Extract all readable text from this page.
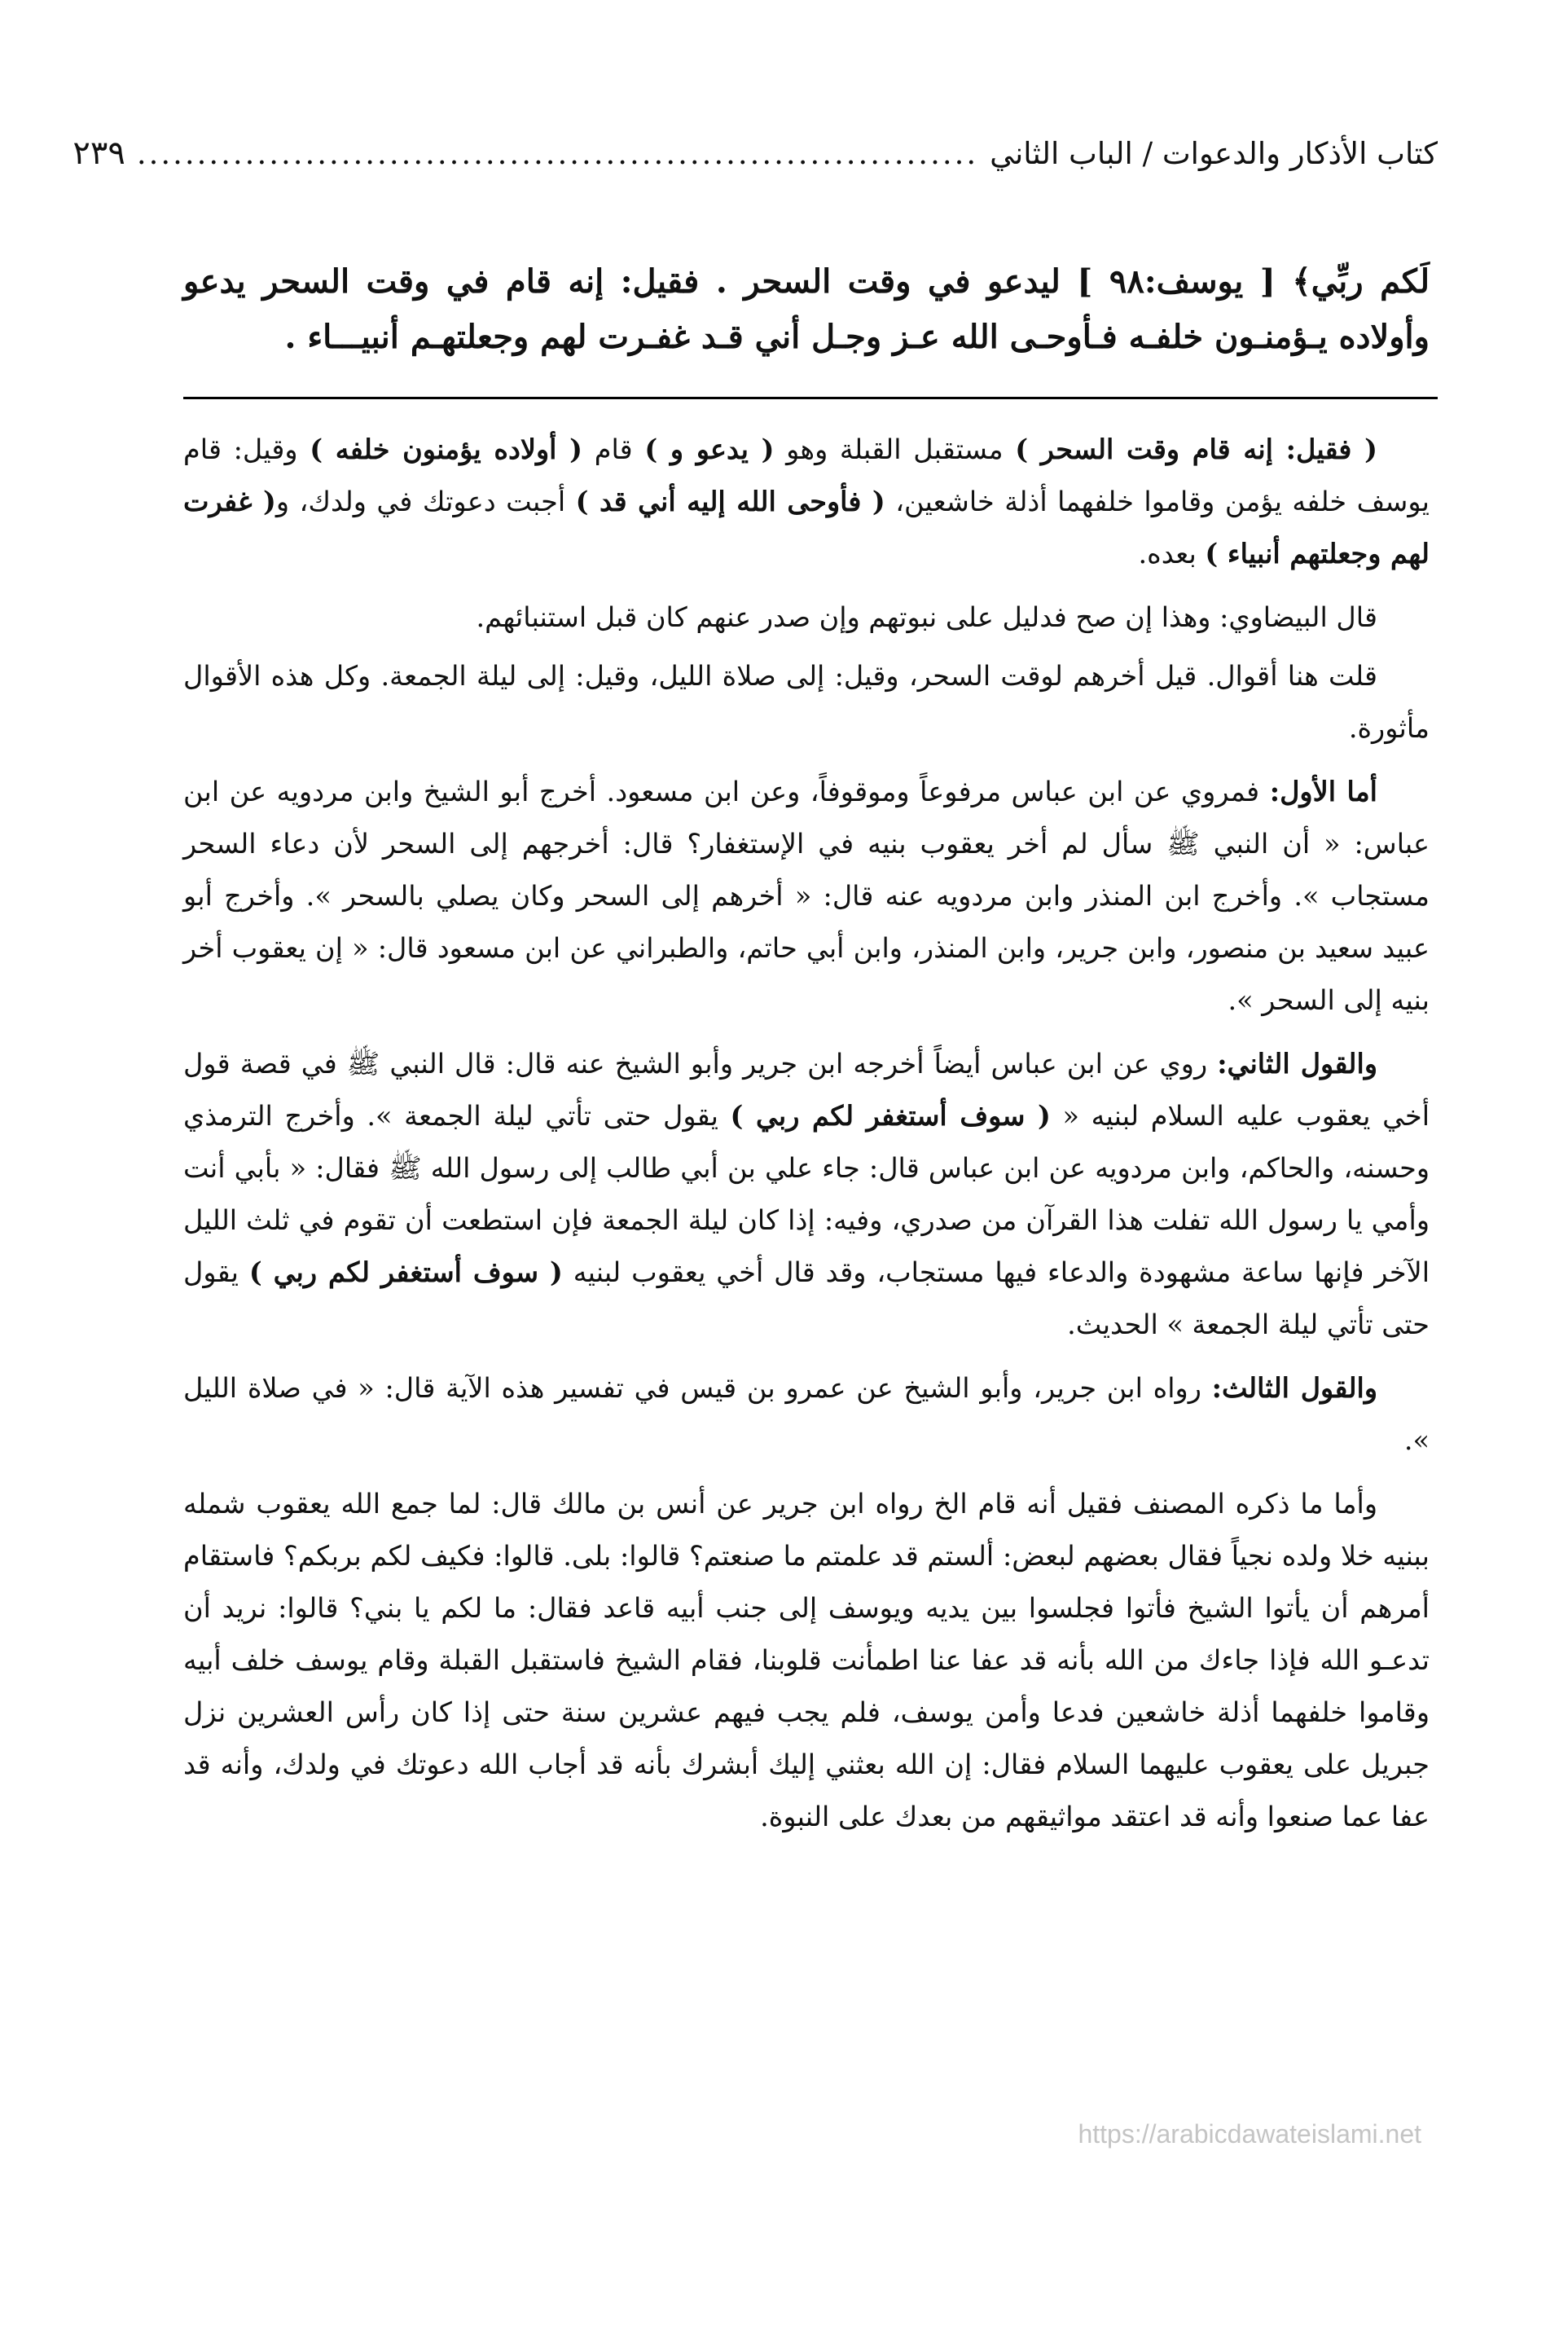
كتاب الأذكار والدعوات / الباب الثاني
......................................................................
٢٣٩
لَكم ربِّي﴾ [ يوسف:٩٨ ] ليدعو في وقت السحر . فقيل: إنه قام في وقت السحر يدعو وأولاده يـؤمنـون خلفـه فـأوحـى الله عـز وجـل أني قـد غفـرت لهم وجعلتهـم أنبيـــاء .

( فقيل: إنه قام وقت السحر ) مستقبل القبلة وهو ( يدعو و ) قام ( أولاده يؤمنون خلفه ) وقيل: قام يوسف خلفه يؤمن وقاموا خلفهما أذلة خاشعين، ( فأوحى الله إليه أني قد ) أجبت دعوتك في ولدك، و( غفرت لهم وجعلتهم أنبياء ) بعده.

قال البيضاوي: وهذا إن صح فدليل على نبوتهم وإن صدر عنهم كان قبل استنبائهم.

قلت هنا أقوال. قيل أخرهم لوقت السحر، وقيل: إلى صلاة الليل، وقيل: إلى ليلة الجمعة. وكل هذه الأقوال مأثورة.

أما الأول: فمروي عن ابن عباس مرفوعاً وموقوفاً، وعن ابن مسعود. أخرج أبو الشيخ وابن مردويه عن ابن عباس: « أن النبي ﷺ سأل لم أخر يعقوب بنيه في الإستغفار؟ قال: أخرجهم إلى السحر لأن دعاء السحر مستجاب ». وأخرج ابن المنذر وابن مردويه عنه قال: « أخرهم إلى السحر وكان يصلي بالسحر ». وأخرج أبو عبيد سعيد بن منصور، وابن جرير، وابن المنذر، وابن أبي حاتم، والطبراني عن ابن مسعود قال: « إن يعقوب أخر بنيه إلى السحر ».

والقول الثاني: روي عن ابن عباس أيضاً أخرجه ابن جرير وأبو الشيخ عنه قال: قال النبي ﷺ في قصة قول أخي يعقوب عليه السلام لبنيه « ( سوف أستغفر لكم ربي ) يقول حتى تأتي ليلة الجمعة ». وأخرج الترمذي وحسنه، والحاكم، وابن مردويه عن ابن عباس قال: جاء علي بن أبي طالب إلى رسول الله ﷺ فقال: « بأبي أنت وأمي يا رسول الله تفلت هذا القرآن من صدري، وفيه: إذا كان ليلة الجمعة فإن استطعت أن تقوم في ثلث الليل الآخر فإنها ساعة مشهودة والدعاء فيها مستجاب، وقد قال أخي يعقوب لبنيه ( سوف أستغفر لكم ربي ) يقول حتى تأتي ليلة الجمعة » الحديث.

والقول الثالث: رواه ابن جرير، وأبو الشيخ عن عمرو بن قيس في تفسير هذه الآية قال: « في صلاة الليل ».

وأما ما ذكره المصنف فقيل أنه قام الخ رواه ابن جرير عن أنس بن مالك قال: لما جمع الله يعقوب شمله ببنيه خلا ولده نجياً فقال بعضهم لبعض: ألستم قد علمتم ما صنعتم؟ قالوا: بلى. قالوا: فكيف لكم بربكم؟ فاستقام أمرهم أن يأتوا الشيخ فأتوا فجلسوا بين يديه ويوسف إلى جنب أبيه قاعد فقال: ما لكم يا بني؟ قالوا: نريد أن تدعـو الله فإذا جاءك من الله بأنه قد عفا عنا اطمأنت قلوبنا، فقام الشيخ فاستقبل القبلة وقام يوسف خلف أبيه وقاموا خلفهما أذلة خاشعين فدعا وأمن يوسف، فلم يجب فيهم عشرين سنة حتى إذا كان رأس العشرين نزل جبريل على يعقوب عليهما السلام فقال: إن الله بعثني إليك أبشرك بأنه قد أجاب الله دعوتك في ولدك، وأنه قد عفا عما صنعوا وأنه قد اعتقد مواثيقهم من بعدك على النبوة.

https://arabicdawateislami.net
